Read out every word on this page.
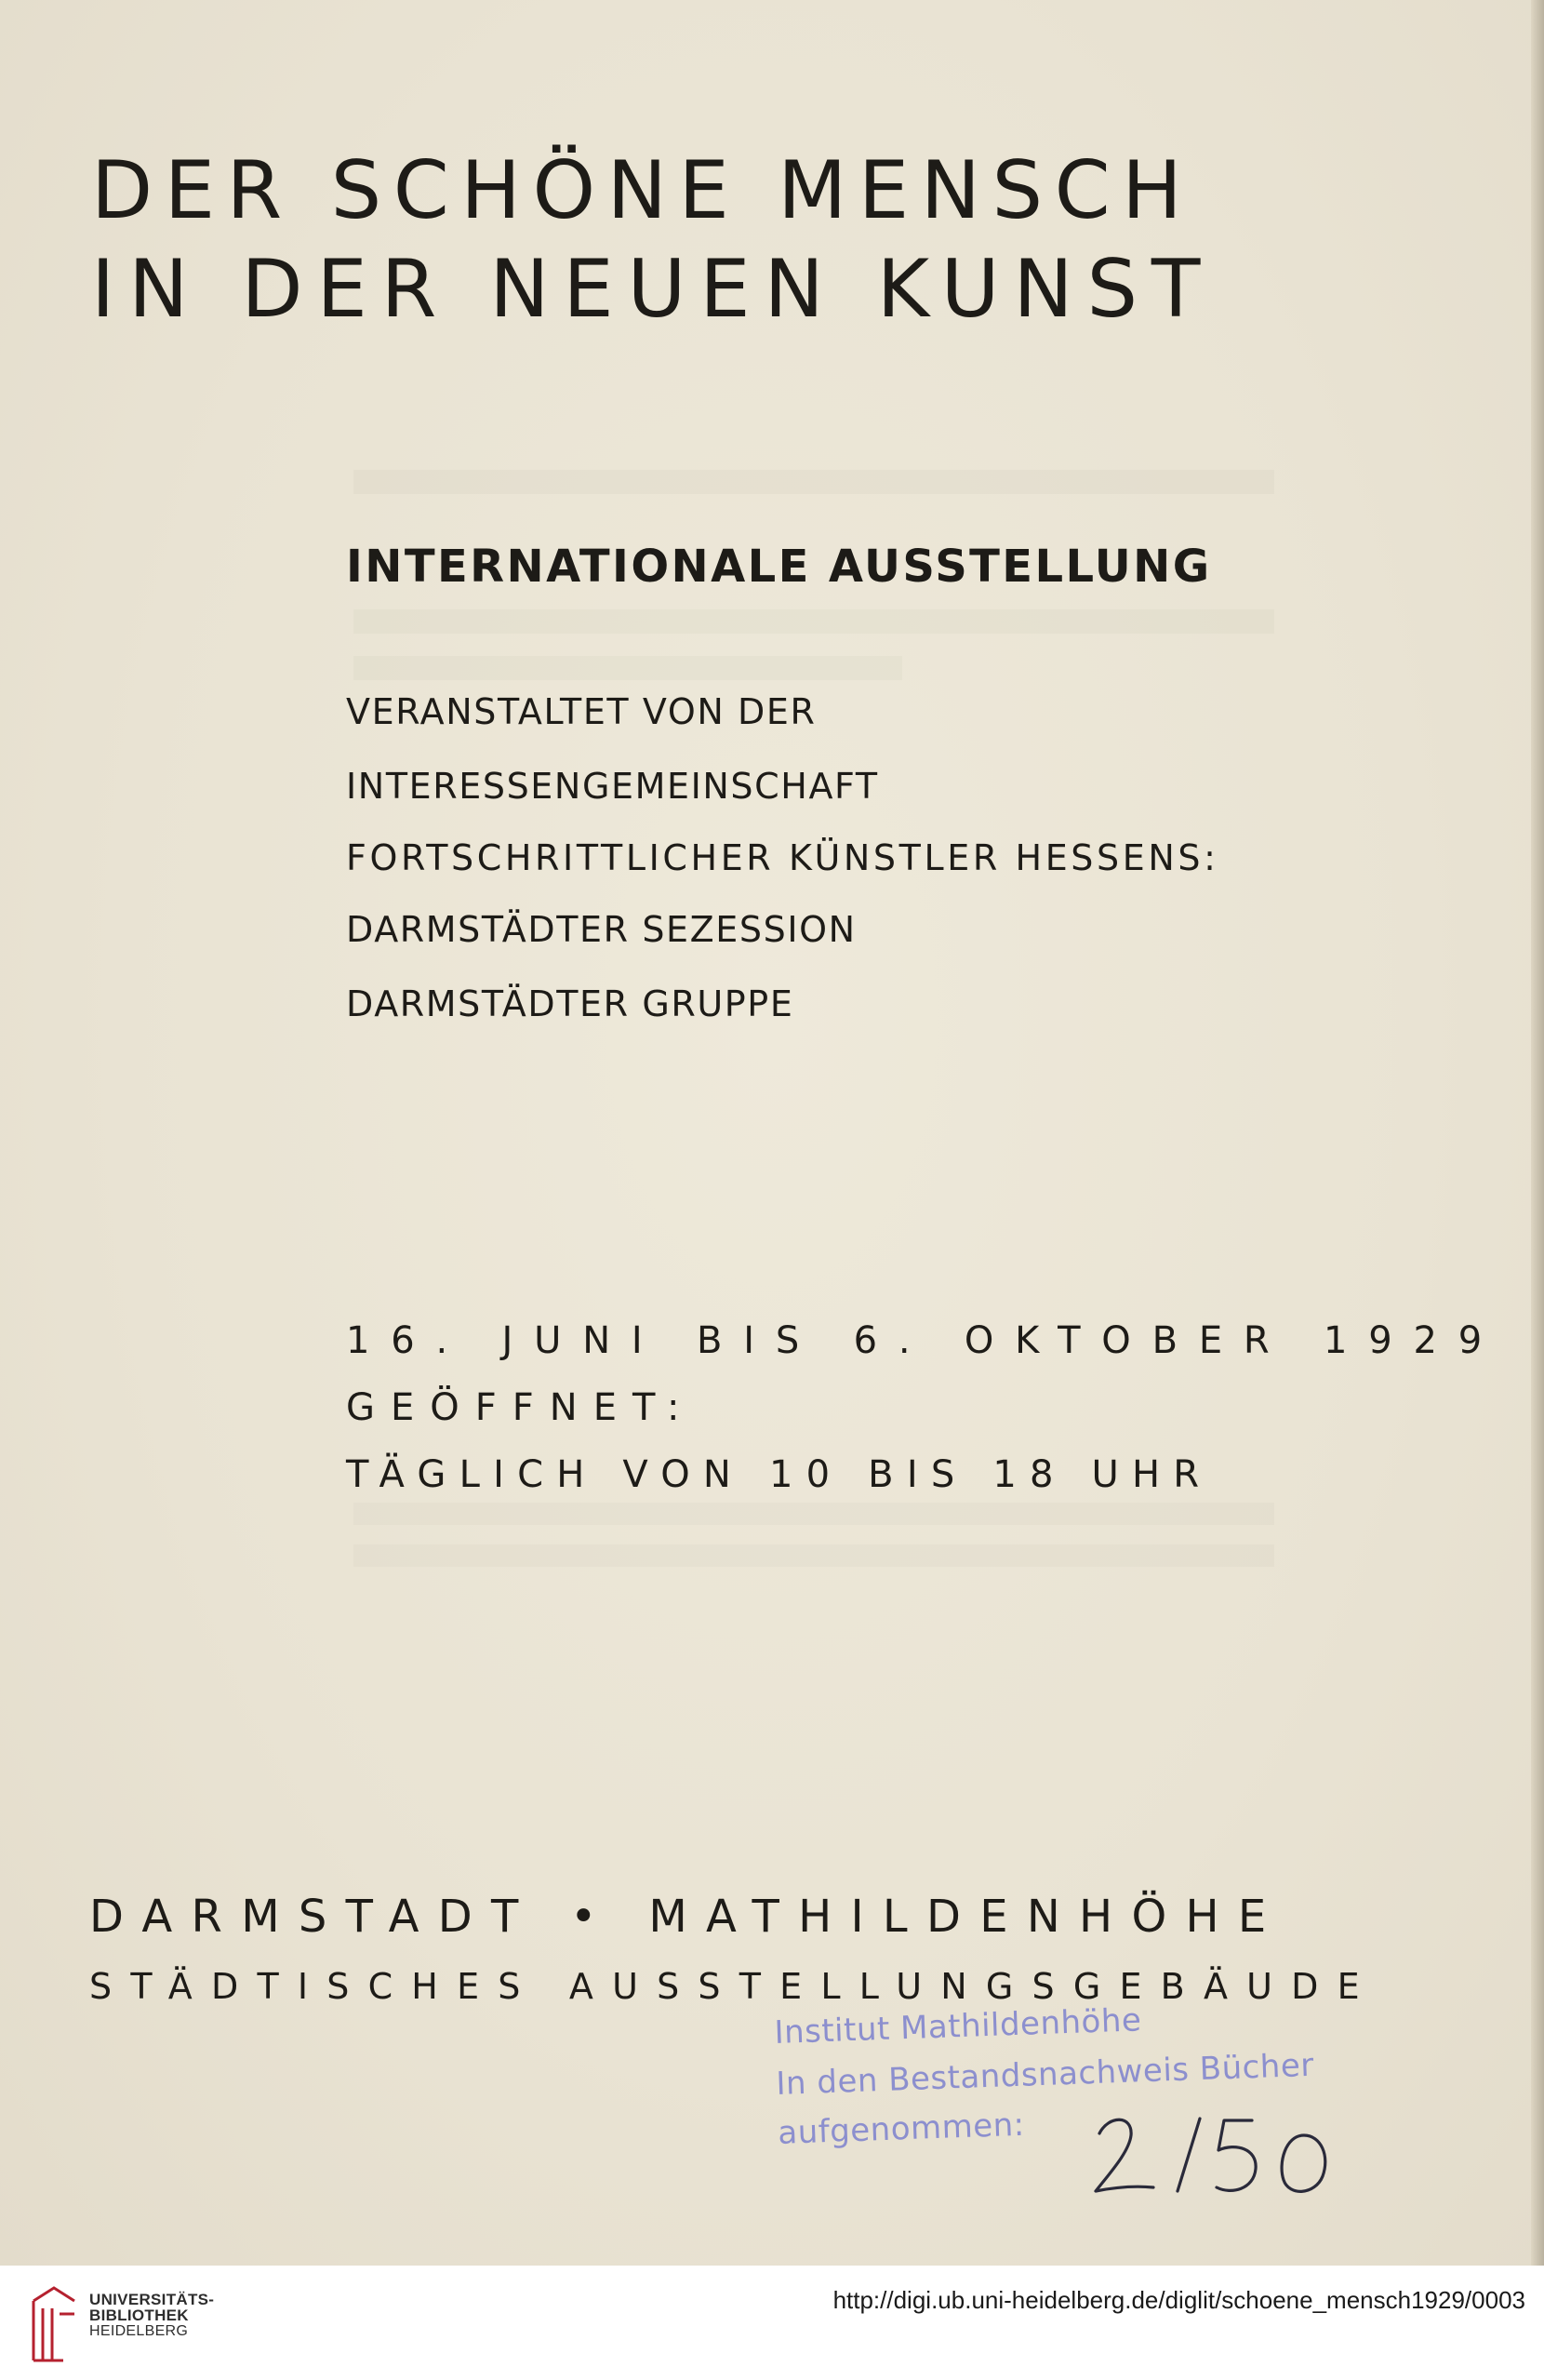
DER SCHÖNE MENSCH
IN DER NEUEN KUNST
INTERNATIONALE AUSSTELLUNG

VERANSTALTET VON DER

INTERESSENGEMEINSCHAFT

FORTSCHRITTLICHER KÜNSTLER HESSENS:

DARMSTÄDTER SEZESSION

DARMSTÄDTER GRUPPE

16. JUNI BIS 6. OKTOBER 1929

GEÖFFNET:

TÄGLICH VON 10 BIS 18 UHR

DARMSTADT • MATHILDENHÖHE

STÄDTISCHES AUSSTELLUNGSGEBÄUDE

Institut Mathildenhöhe

In den Bestandsnachweis Bücher

aufgenommen:

UNIVERSITÄTS-
BIBLIOTHEK
HEIDELBERG
http://digi.ub.uni-heidelberg.de/diglit/schoene_mensch1929/0003
